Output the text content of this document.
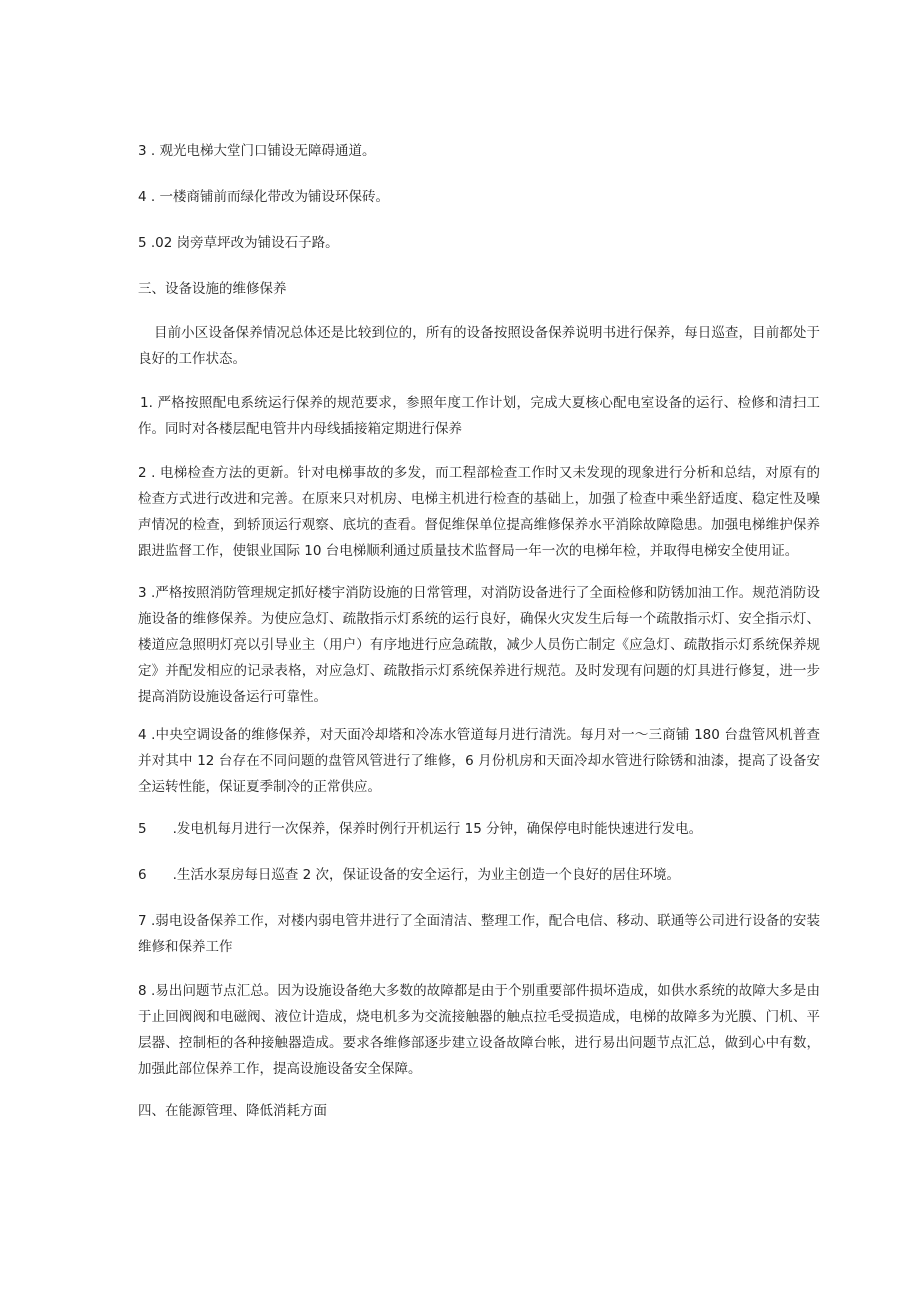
3 . 观光电梯大堂门口铺设无障碍通道。
4 . 一楼商铺前而绿化带改为铺设环保砖。
5 .02 岗旁草坪改为铺设石子路。
三、设备设施的维修保养
目前小区设备保养情况总体还是比较到位的，所有的设备按照设备保养说明书进行保养，每日巡查，目前都处于良好的工作状态。
1. 严格按照配电系统运行保养的规范要求，参照年度工作计划，完成大夏核心配电室设备的运行、检修和清扫工作。同时对各楼层配电管井内母线插接箱定期进行保养
2 . 电梯检查方法的更新。针对电梯事故的多发，而工程部检查工作时又未发现的现象进行分析和总结，对原有的检查方式进行改进和完善。在原来只对机房、电梯主机进行检查的基础上，加强了检查中乘坐舒适度、稳定性及噪声情况的检查，到轿顶运行观察、底坑的查看。督促维保单位提高维修保养水平消除故障隐患。加强电梯维护保养跟进监督工作，使银业国际 10 台电梯顺利通过质量技术监督局一年一次的电梯年检，并取得电梯安全使用证。
3 .严格按照消防管理规定抓好楼宇消防设施的日常管理，对消防设备进行了全面检修和防锈加油工作。规范消防设施设备的维修保养。为使应急灯、疏散指示灯系统的运行良好，确保火灾发生后每一个疏散指示灯、安全指示灯、楼道应急照明灯亮以引导业主（用户）有序地进行应急疏散，减少人员伤亡制定《应急灯、疏散指示灯系统保养规定》并配发相应的记录表格，对应急灯、疏散指示灯系统保养进行规范。及时发现有问题的灯具进行修复，进一步提高消防设施设备运行可靠性。
4 .中央空调设备的维修保养，对天面冷却塔和冷冻水管道每月进行清洗。每月对一～三商铺 180 台盘管风机普查并对其中 12 台存在不同问题的盘管风管进行了维修，6 月份机房和天面冷却水管进行除锈和油漆，提高了设备安全运转性能，保证夏季制冷的正常供应。
5 .发电机每月进行一次保养，保养时例行开机运行 15 分钟，确保停电时能快速进行发电。
6 .生活水泵房每日巡查 2 次，保证设备的安全运行，为业主创造一个良好的居住环境。
7 .弱电设备保养工作，对楼内弱电管井进行了全面清洁、整理工作，配合电信、移动、联通等公司进行设备的安装维修和保养工作
8 .易出问题节点汇总。因为设施设备绝大多数的故障都是由于个别重要部件损坏造成，如供水系统的故障大多是由于止回阀阀和电磁阀、液位计造成，烧电机多为交流接触器的触点拉毛受损造成，电梯的故障多为光膜、门机、平层器、控制柜的各种接触器造成。要求各维修部逐步建立设备故障台帐，进行易出问题节点汇总，做到心中有数，加强此部位保养工作，提高设施设备安全保障。
四、在能源管理、降低消耗方面
